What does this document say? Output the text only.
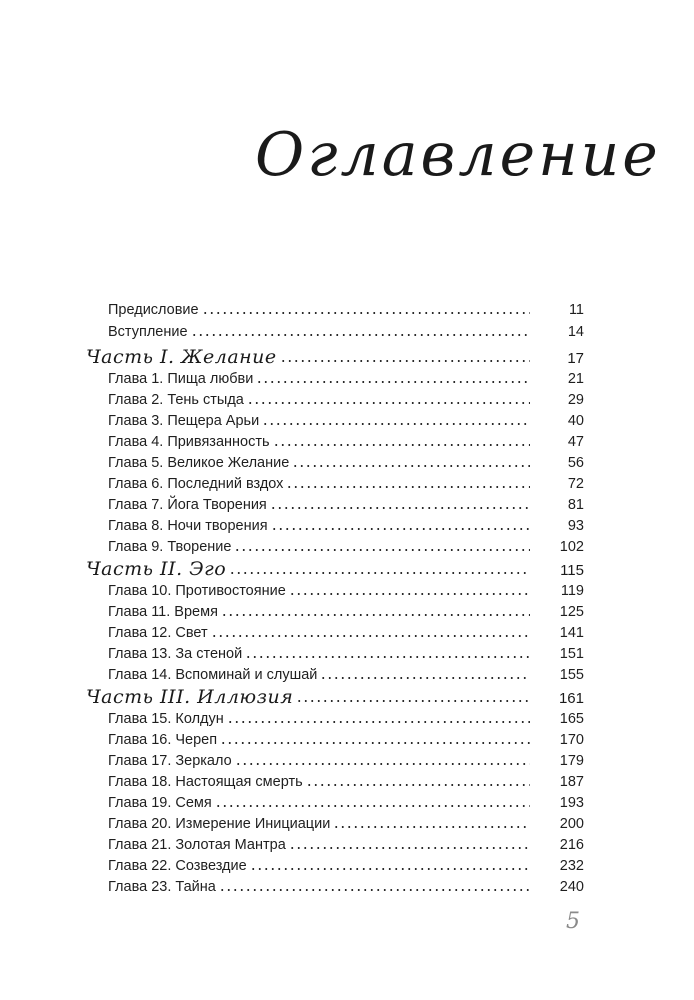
Оглавление
Предисловие	11
Вступление	14
Часть I. Желание	17
Глава 1. Пища любви	21
Глава 2. Тень стыда	29
Глава 3. Пещера Арьи	40
Глава 4. Привязанность	47
Глава 5. Великое Желание	56
Глава 6. Последний вздох	72
Глава 7. Йога Творения	81
Глава 8. Ночи творения	93
Глава 9. Творение	102
Часть II. Эго	115
Глава 10. Противостояние	119
Глава 11. Время	125
Глава 12. Свет	141
Глава 13. За стеной	151
Глава 14. Вспоминай и слушай	155
Часть III. Иллюзия	161
Глава 15. Колдун	165
Глава 16. Череп	170
Глава 17. Зеркало	179
Глава 18. Настоящая смерть	187
Глава 19. Семя	193
Глава 20. Измерение Инициации	200
Глава 21. Золотая Мантра	216
Глава 22. Созвездие	232
Глава 23. Тайна	240
5
